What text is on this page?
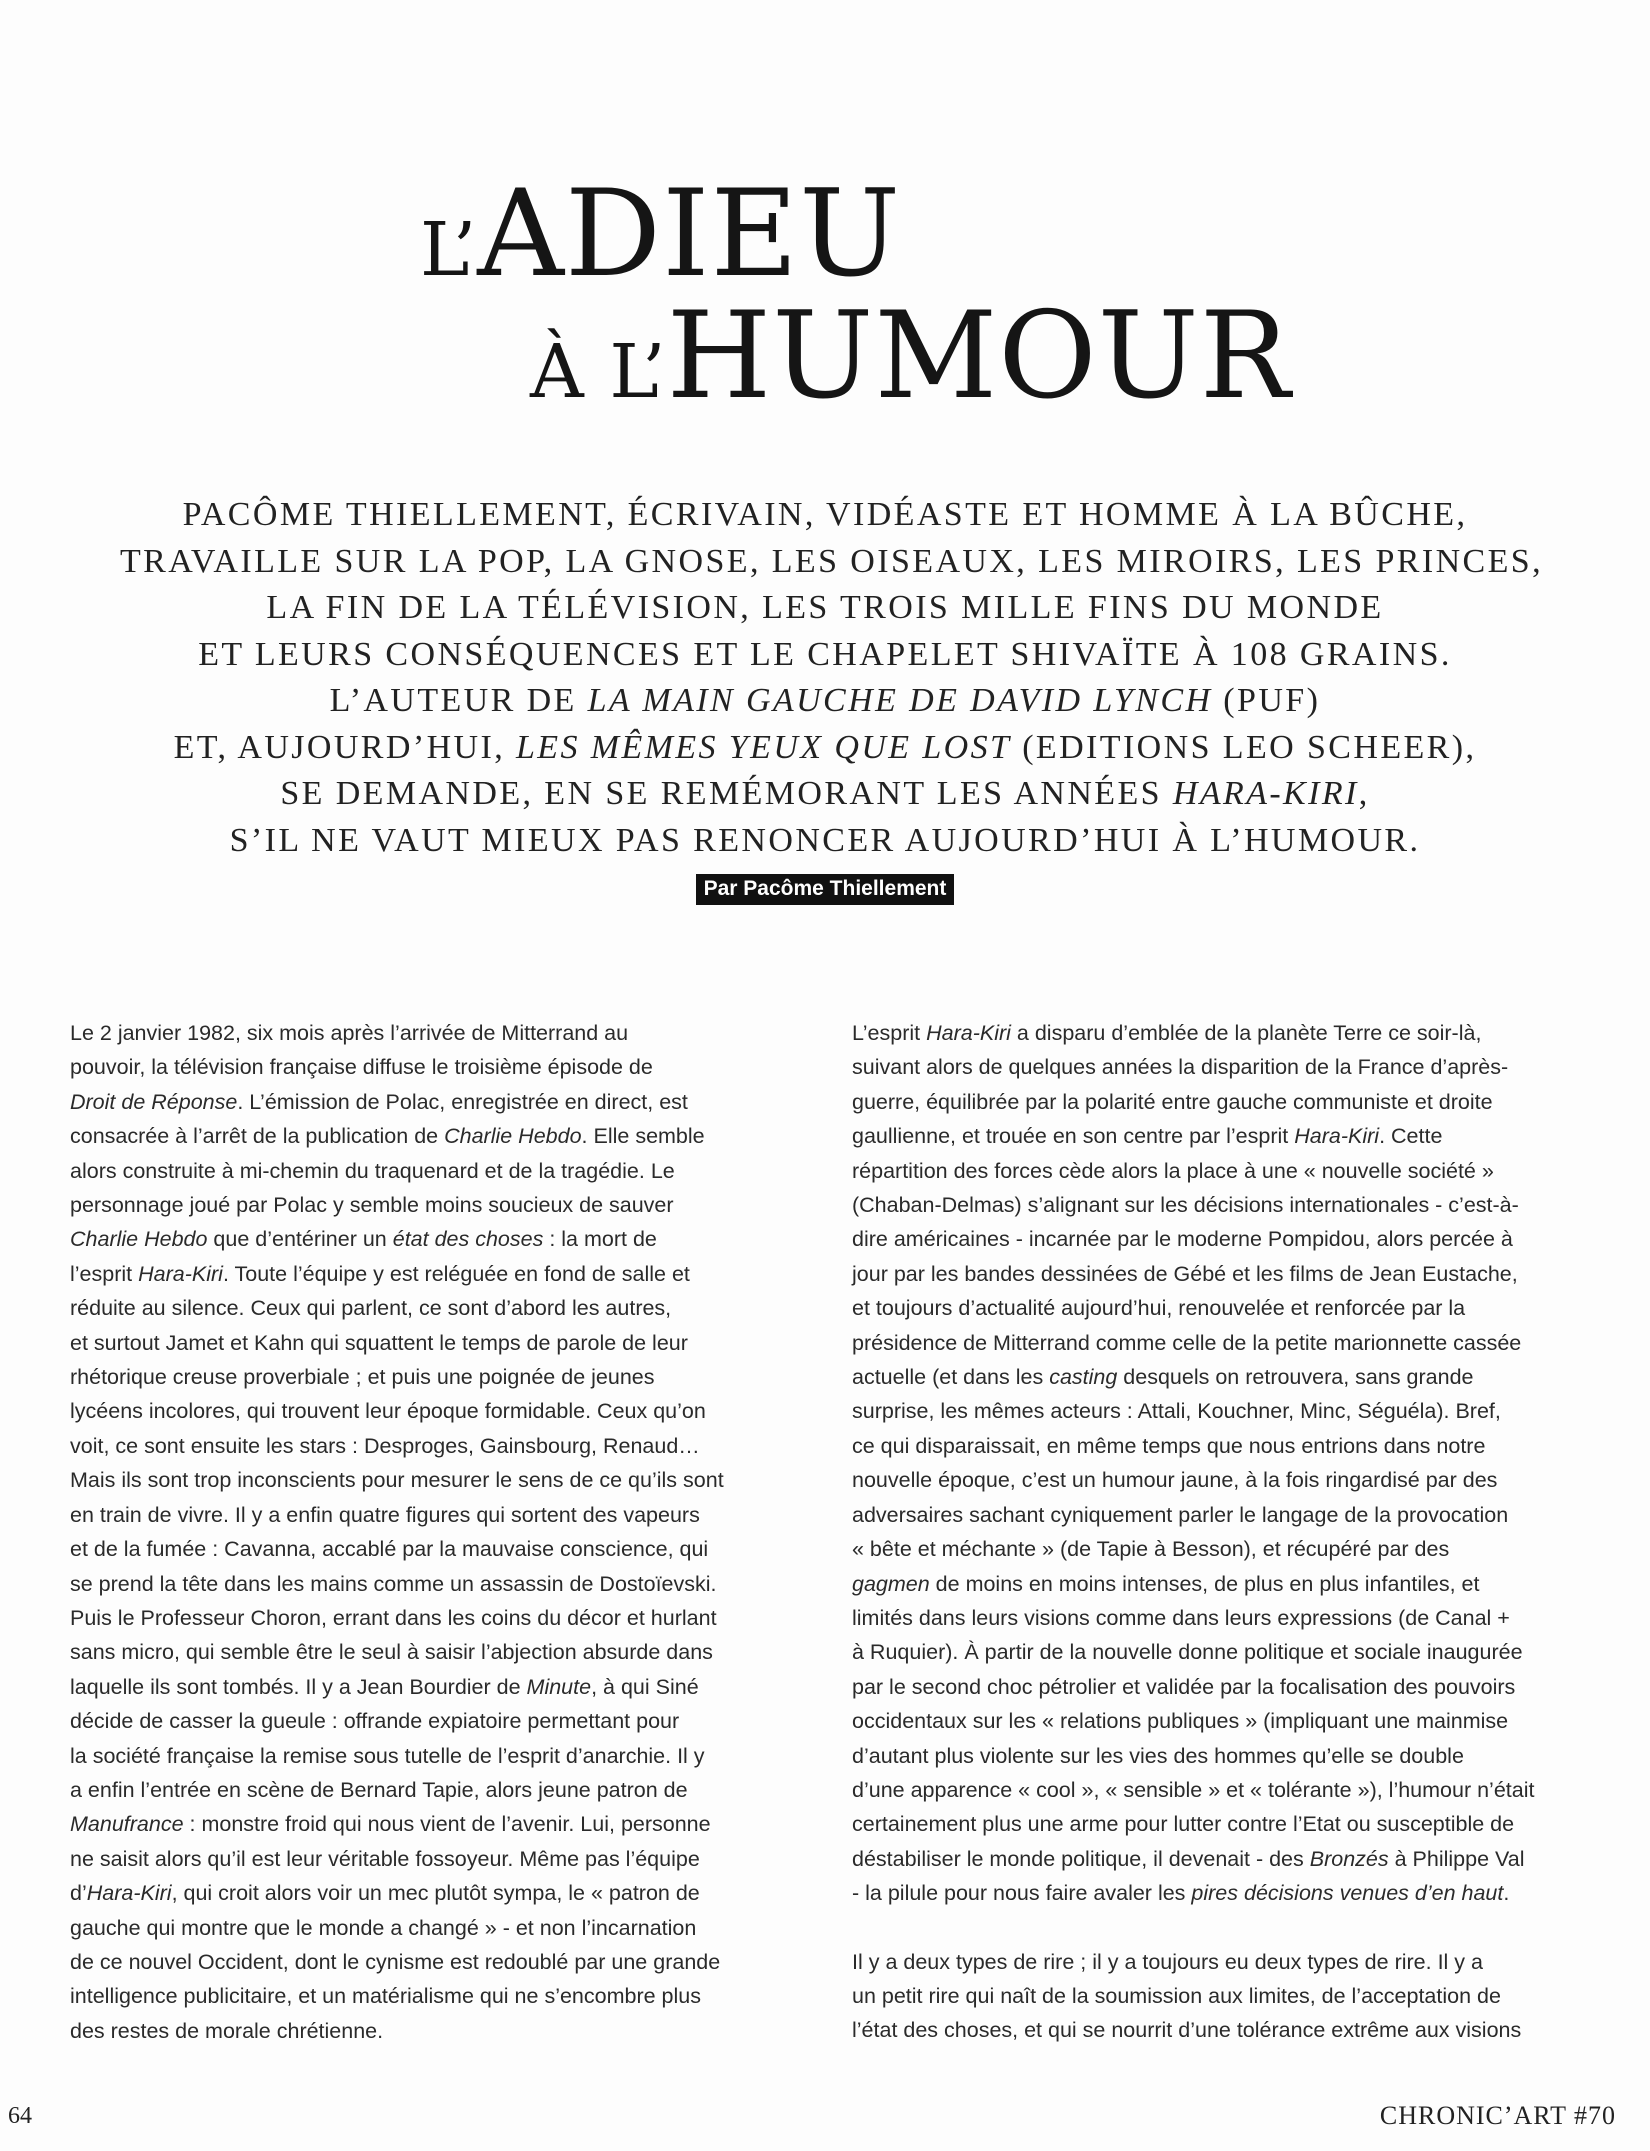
L’ADIEU
À L’HUMOUR
PACÔME THIELLEMENT, ÉCRIVAIN, VIDÉASTE ET HOMME À LA BÛCHE,
TRAVAILLE SUR LA POP, LA GNOSE, LES OISEAUX, LES MIROIRS, LES PRINCES,
LA FIN DE LA TÉLÉVISION, LES TROIS MILLE FINS DU MONDE
ET LEURS CONSÉQUENCES ET LE CHAPELET SHIVAÏTE À 108 GRAINS.
L’AUTEUR DE LA MAIN GAUCHE DE DAVID LYNCH (PUF)
ET, AUJOURD’HUI, LES MÊMES YEUX QUE LOST (EDITIONS LEO SCHEER),
SE DEMANDE, EN SE REMÉMORANT LES ANNÉES HARA-KIRI,
S’IL NE VAUT MIEUX PAS RENONCER AUJOURD’HUI À L’HUMOUR.
Par Pacôme Thiellement

Le 2 janvier 1982, six mois après l’arrivée de Mitterrand au
pouvoir, la télévision française diffuse le troisième épisode de
Droit de Réponse. L’émission de Polac, enregistrée en direct, est
consacrée à l’arrêt de la publication de Charlie Hebdo. Elle semble
alors construite à mi-chemin du traquenard et de la tragédie. Le
personnage joué par Polac y semble moins soucieux de sauver
Charlie Hebdo que d’entériner un état des choses : la mort de
l’esprit Hara-Kiri. Toute l’équipe y est reléguée en fond de salle et
réduite au silence. Ceux qui parlent, ce sont d’abord les autres,
et surtout Jamet et Kahn qui squattent le temps de parole de leur
rhétorique creuse proverbiale ; et puis une poignée de jeunes
lycéens incolores, qui trouvent leur époque formidable. Ceux qu’on
voit, ce sont ensuite les stars : Desproges, Gainsbourg, Renaud…
Mais ils sont trop inconscients pour mesurer le sens de ce qu’ils sont
en train de vivre. Il y a enfin quatre figures qui sortent des vapeurs
et de la fumée : Cavanna, accablé par la mauvaise conscience, qui
se prend la tête dans les mains comme un assassin de Dostoïevski.
Puis le Professeur Choron, errant dans les coins du décor et hurlant
sans micro, qui semble être le seul à saisir l’abjection absurde dans
laquelle ils sont tombés. Il y a Jean Bourdier de Minute, à qui Siné
décide de casser la gueule : offrande expiatoire permettant pour
la société française la remise sous tutelle de l’esprit d’anarchie. Il y
a enfin l’entrée en scène de Bernard Tapie, alors jeune patron de
Manufrance : monstre froid qui nous vient de l’avenir. Lui, personne
ne saisit alors qu’il est leur véritable fossoyeur. Même pas l’équipe
d’Hara-Kiri, qui croit alors voir un mec plutôt sympa, le « patron de
gauche qui montre que le monde a changé » - et non l’incarnation
de ce nouvel Occident, dont le cynisme est redoublé par une grande
intelligence publicitaire, et un matérialisme qui ne s’encombre plus
des restes de morale chrétienne.

L’esprit Hara-Kiri a disparu d’emblée de la planète Terre ce soir-là,
suivant alors de quelques années la disparition de la France d’après-
guerre, équilibrée par la polarité entre gauche communiste et droite
gaullienne, et trouée en son centre par l’esprit Hara-Kiri. Cette
répartition des forces cède alors la place à une « nouvelle société »
(Chaban-Delmas) s’alignant sur les décisions internationales - c’est-à-
dire américaines - incarnée par le moderne Pompidou, alors percée à
jour par les bandes dessinées de Gébé et les films de Jean Eustache,
et toujours d’actualité aujourd’hui, renouvelée et renforcée par la
présidence de Mitterrand comme celle de la petite marionnette cassée
actuelle (et dans les casting desquels on retrouvera, sans grande
surprise, les mêmes acteurs : Attali, Kouchner, Minc, Séguéla). Bref,
ce qui disparaissait, en même temps que nous entrions dans notre
nouvelle époque, c’est un humour jaune, à la fois ringardisé par des
adversaires sachant cyniquement parler le langage de la provocation
« bête et méchante » (de Tapie à Besson), et récupéré par des
gagmen de moins en moins intenses, de plus en plus infantiles, et
limités dans leurs visions comme dans leurs expressions (de Canal +
à Ruquier). À partir de la nouvelle donne politique et sociale inaugurée
par le second choc pétrolier et validée par la focalisation des pouvoirs
occidentaux sur les « relations publiques » (impliquant une mainmise
d’autant plus violente sur les vies des hommes qu’elle se double
d’une apparence « cool », « sensible » et « tolérante »), l’humour n’était
certainement plus une arme pour lutter contre l’Etat ou susceptible de
déstabiliser le monde politique, il devenait - des Bronzés à Philippe Val
- la pilule pour nous faire avaler les pires décisions venues d’en haut.

Il y a deux types de rire ; il y a toujours eu deux types de rire. Il y a
un petit rire qui naît de la soumission aux limites, de l’acceptation de
l’état des choses, et qui se nourrit d’une tolérance extrême aux visions

64	CHRONIC’ART #70
